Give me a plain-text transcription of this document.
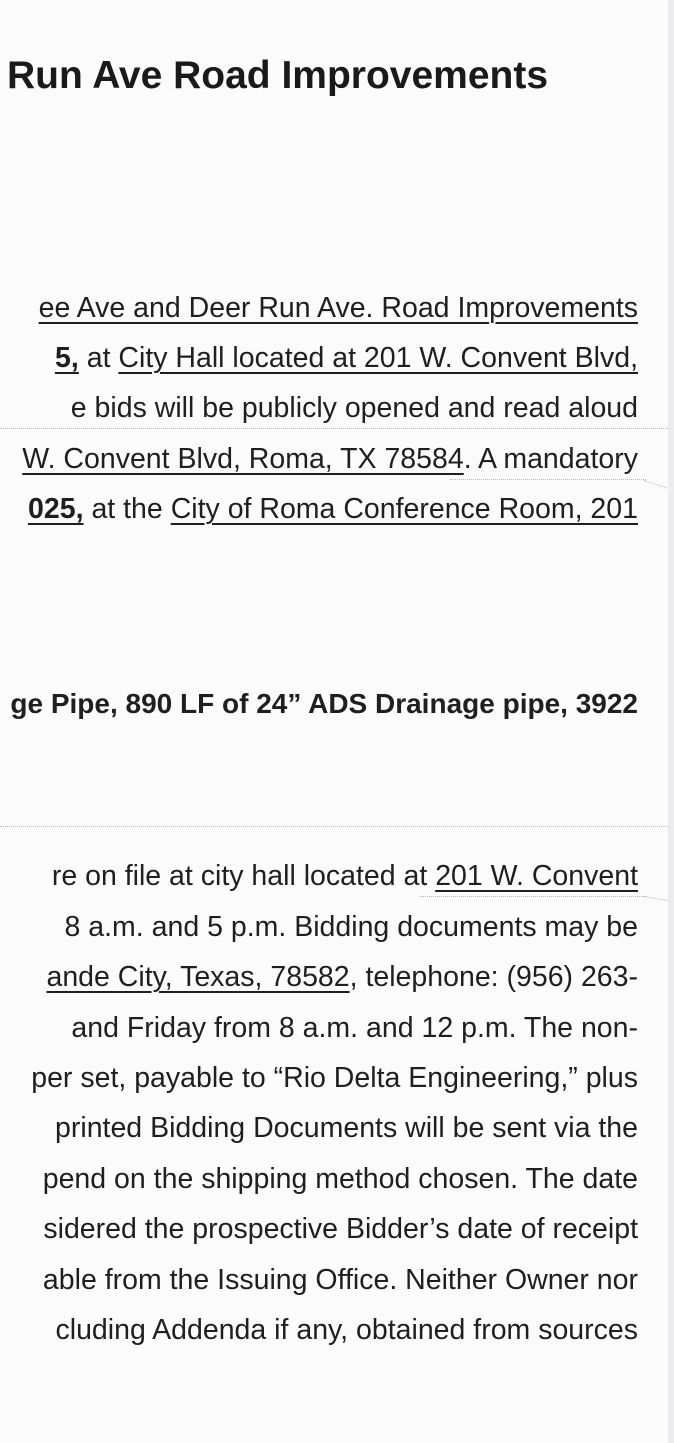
Run Ave Road Improvements
ee Ave and Deer Run Ave. Road Improvements
5, at City Hall located at 201 W. Convent Blvd,
e bids will be publicly opened and read aloud
W. Convent Blvd, Roma, TX 78584. A mandatory
025, at the City of Roma Conference Room, 201
ge Pipe, 890 LF of 24” ADS Drainage pipe, 3922
re on file at city hall located at 201 W. Convent
8 a.m. and 5 p.m. Bidding documents may be
ande City, Texas, 78582, telephone: (956) 263-
and Friday from 8 a.m. and 12 p.m. The non-
per set, payable to “Rio Delta Engineering,” plus
printed Bidding Documents will be sent via the
pend on the shipping method chosen. The date
sidered the prospective Bidder’s date of receipt
able from the Issuing Office. Neither Owner nor
cluding Addenda if any, obtained from sources
